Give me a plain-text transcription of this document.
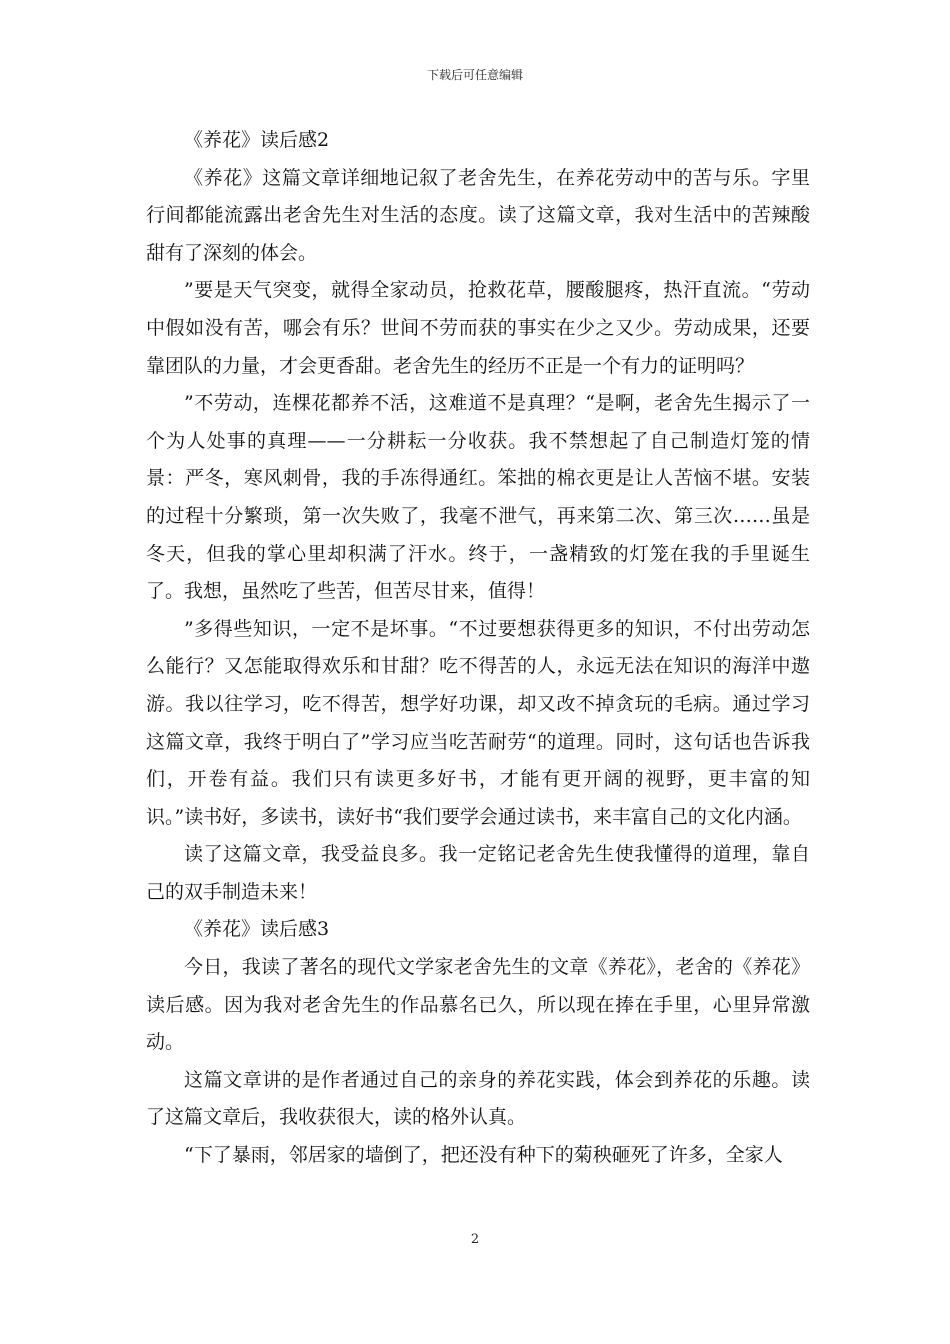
下载后可任意编辑
《养花》读后感2

《养花》这篇文章详细地记叙了老舍先生，在养花劳动中的苦与乐。字里行间都能流露出老舍先生对生活的态度。读了这篇文章，我对生活中的苦辣酸甜有了深刻的体会。

”要是天气突变，就得全家动员，抢救花草，腰酸腿疼，热汗直流。“劳动中假如没有苦，哪会有乐？世间不劳而获的事实在少之又少。劳动成果，还要靠团队的力量，才会更香甜。老舍先生的经历不正是一个有力的证明吗？

”不劳动，连棵花都养不活，这难道不是真理？“是啊，老舍先生揭示了一个为人处事的真理——一分耕耘一分收获。我不禁想起了自己制造灯笼的情景：严冬，寒风刺骨，我的手冻得通红。笨拙的棉衣更是让人苦恼不堪。安装的过程十分繁琐，第一次失败了，我毫不泄气，再来第二次、第三次……虽是冬天，但我的掌心里却积满了汗水。终于，一盏精致的灯笼在我的手里诞生了。我想，虽然吃了些苦，但苦尽甘来，值得！

”多得些知识，一定不是坏事。“不过要想获得更多的知识，不付出劳动怎么能行？又怎能取得欢乐和甘甜？吃不得苦的人，永远无法在知识的海洋中遨游。我以往学习，吃不得苦，想学好功课，却又改不掉贪玩的毛病。通过学习这篇文章，我终于明白了”学习应当吃苦耐劳“的道理。同时，这句话也告诉我们，开卷有益。我们只有读更多好书，才能有更开阔的视野，更丰富的知识。”读书好，多读书，读好书“我们要学会通过读书，来丰富自己的文化内涵。

读了这篇文章，我受益良多。我一定铭记老舍先生使我懂得的道理，靠自己的双手制造未来！

《养花》读后感3

今日，我读了著名的现代文学家老舍先生的文章《养花》，老舍的《养花》读后感。因为我对老舍先生的作品慕名已久，所以现在捧在手里，心里异常激动。

这篇文章讲的是作者通过自己的亲身的养花实践，体会到养花的乐趣。读了这篇文章后，我收获很大，读的格外认真。

“下了暴雨，邻居家的墙倒了，把还没有种下的菊秧砸死了许多，全家人

2
